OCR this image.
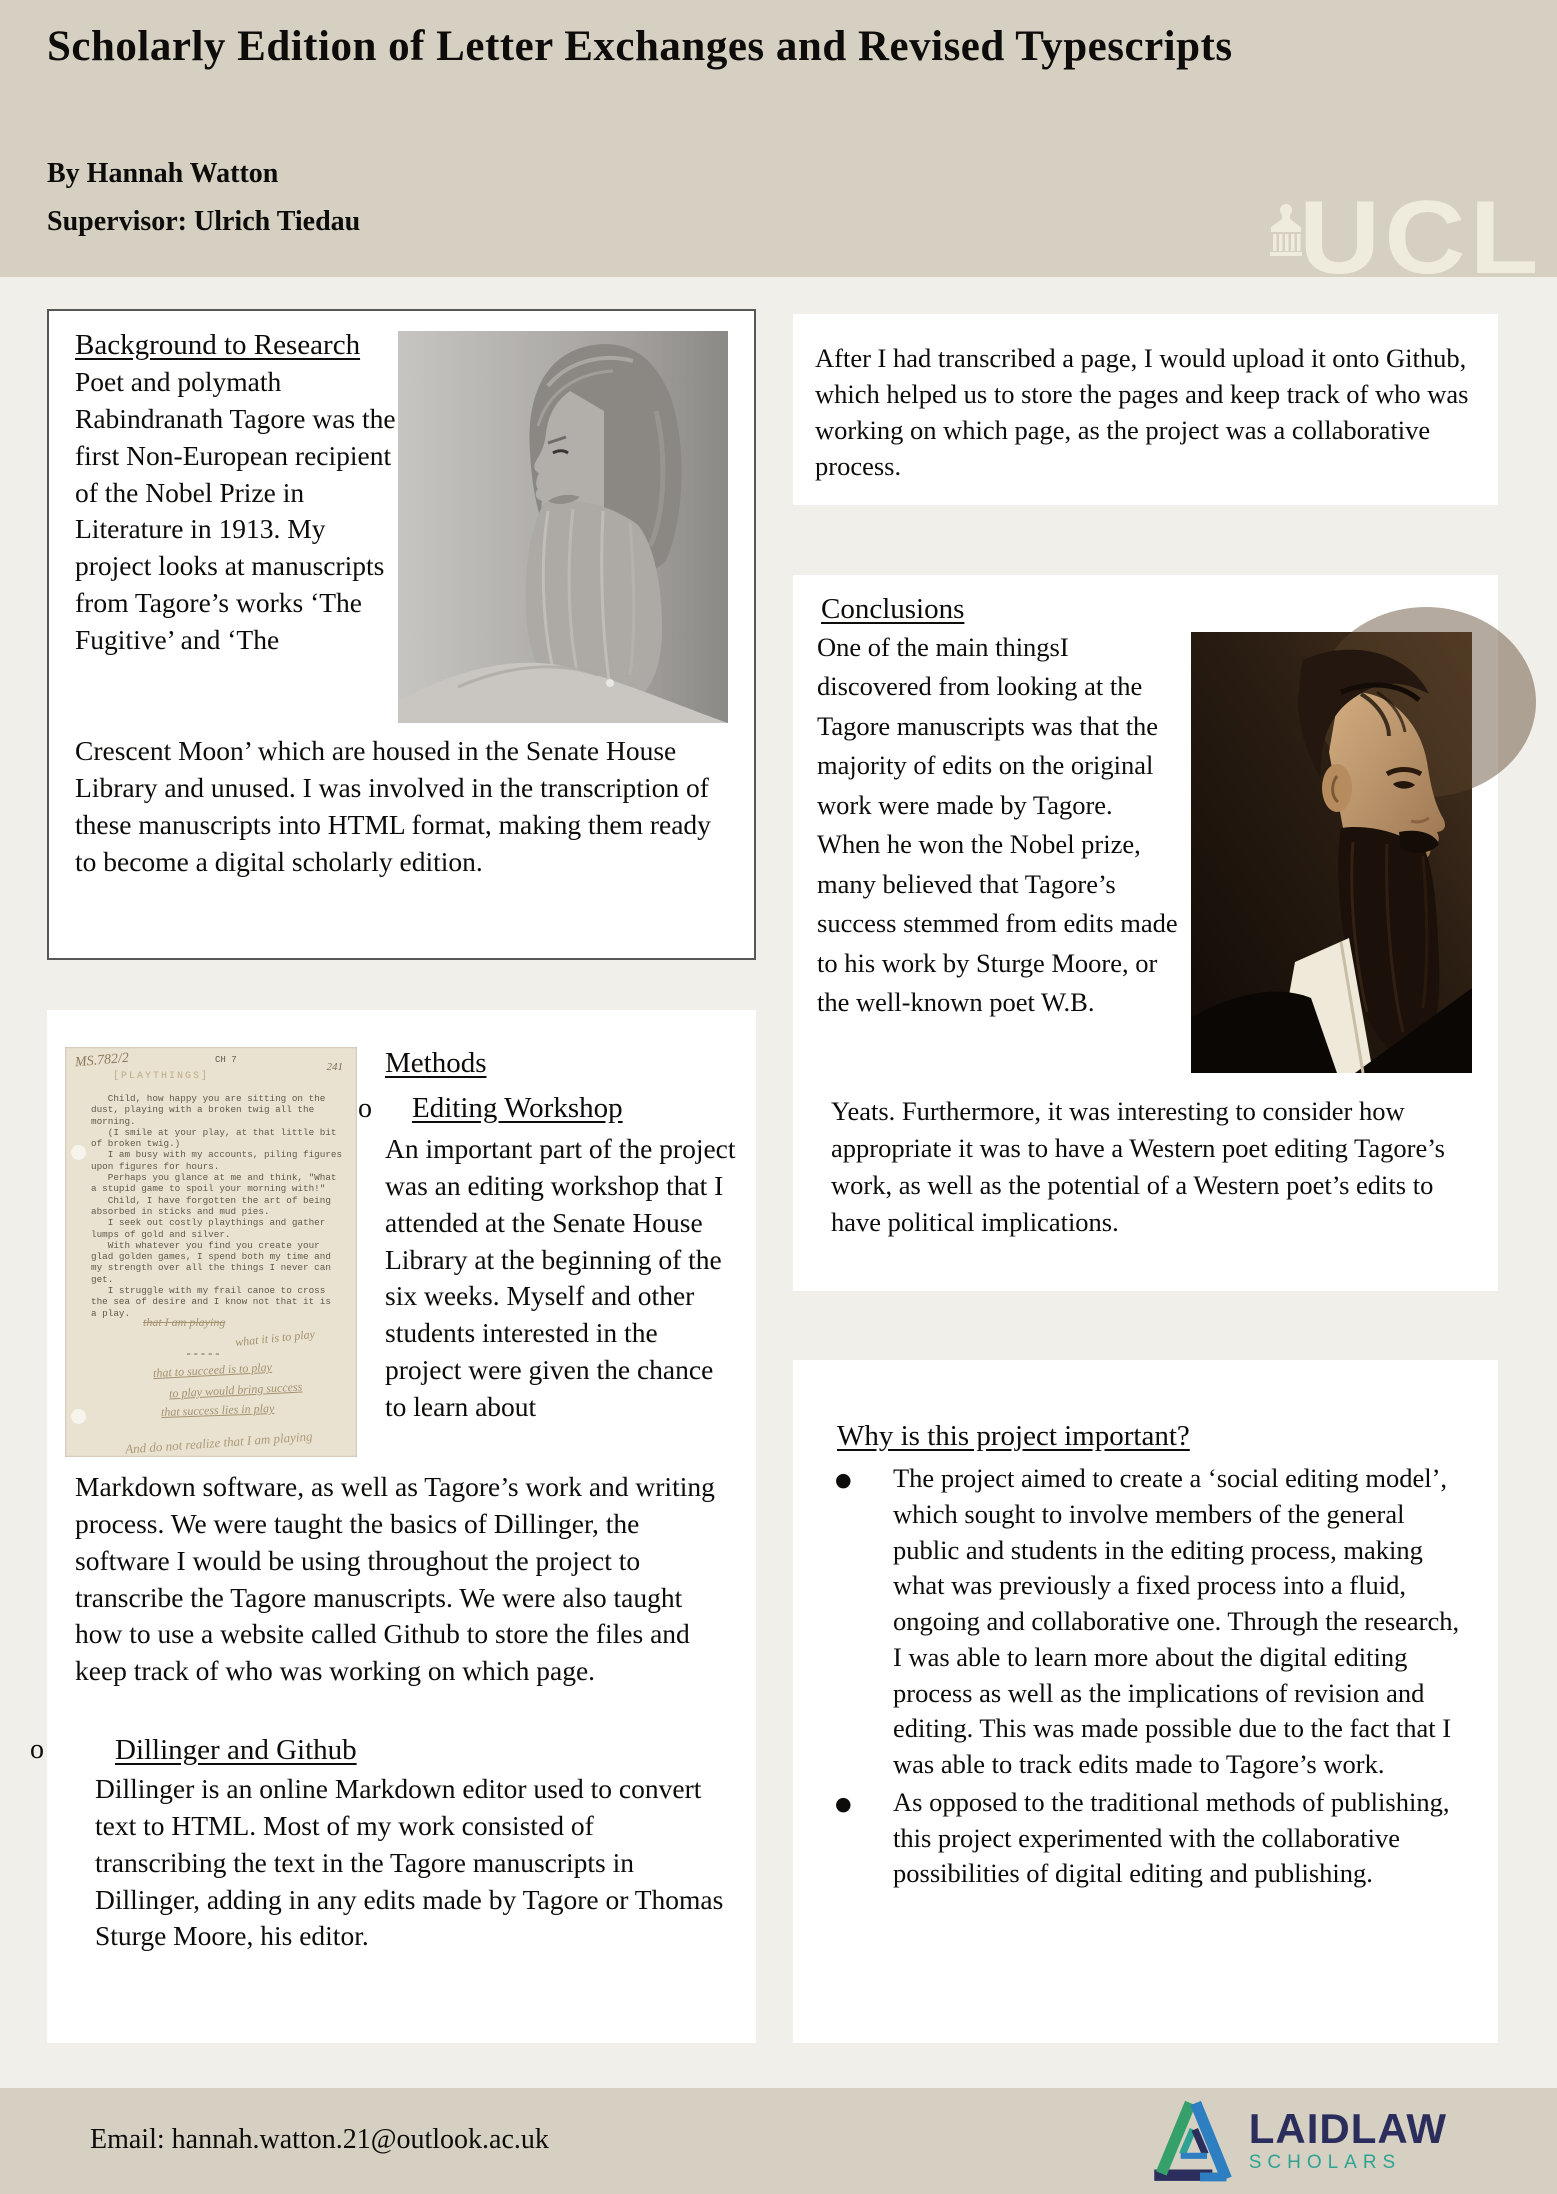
Scholarly Edition of Letter Exchanges and Revised Typescripts
By Hannah Watton
Supervisor: Ulrich Tiedau	UCL
Background to Research

Poet and polymath Rabindranath Tagore was the first Non-European recipient of the Nobel Prize in Literature in 1913. My project looks at manuscripts from Tagore’s works ‘The Fugitive’ and ‘The

Crescent Moon’ which are housed in the Senate House Library and unused. I was involved in the transcription of these manuscripts into HTML format, making them ready to become a digital scholarly edition.

MS.782/2	CH 7
241
[PLAYTHINGS]
Child, how happy you are sitting on the
dust, playing with a broken twig all the
morning.
(I smile at your play, at that little bit
of broken twig.)
I am busy with my accounts, piling figures
upon figures for hours.
Perhaps you glance at me and think, "What
a stupid game to spoil your morning with!"
Child, I have forgotten the art of being
absorbed in sticks and mud pies.
I seek out costly playthings and gather
lumps of gold and silver.
With whatever you find you create your
glad golden games, I spend both my time and
my strength over all the things I never can
get.
I struggle with my frail canoe to cross
the sea of desire and I know not that it is
a play.
that I am playing
what it is to play
-----
that to succeed is to play
to play would bring success
that success lies in play
And do not realize that I am playing
Methods
o Editing Workshop

An important part of the project was an editing workshop that I attended at the Senate House Library at the beginning of the six weeks. Myself and other students interested in the project were given the chance to learn about

Markdown software, as well as Tagore’s work and writing process. We were taught the basics of Dillinger, the software I would be using throughout the project to transcribe the Tagore manuscripts. We were also taught how to use a website called Github to store the files and keep track of who was working on which page.

o Dillinger and Github

Dillinger is an online Markdown editor used to convert text to HTML. Most of my work consisted of transcribing the text in the Tagore manuscripts in Dillinger, adding in any edits made by Tagore or Thomas Sturge Moore, his editor.

After I had transcribed a page, I would upload it onto Github, which helped us to store the pages and keep track of who was working on which page, as the project was a collaborative process.

Conclusions

One of the main thingsI discovered from looking at the Tagore manuscripts was that the majority of edits on the original work were made by Tagore. When he won the Nobel prize, many believed that Tagore’s success stemmed from edits made to his work by Sturge Moore, or the well-known poet W.B.

Yeats. Furthermore, it was interesting to consider how appropriate it was to have a Western poet editing Tagore’s work, as well as the potential of a Western poet’s edits to have political implications.

Why is this project important?
●	The project aimed to create a ‘social editing model’, which sought to involve members of the general public and students in the editing process, making what was previously a fixed process into a fluid, ongoing and collaborative one. Through the research, I was able to learn more about the digital editing process as well as the implications of revision and editing. This was made possible due to the fact that I was able to track edits made to Tagore’s work.

●	As opposed to the traditional methods of publishing, this project experimented with the collaborative possibilities of digital editing and publishing.

Email: hannah.watton.21@outlook.ac.uk	LAIDLAW
SCHOLARS
